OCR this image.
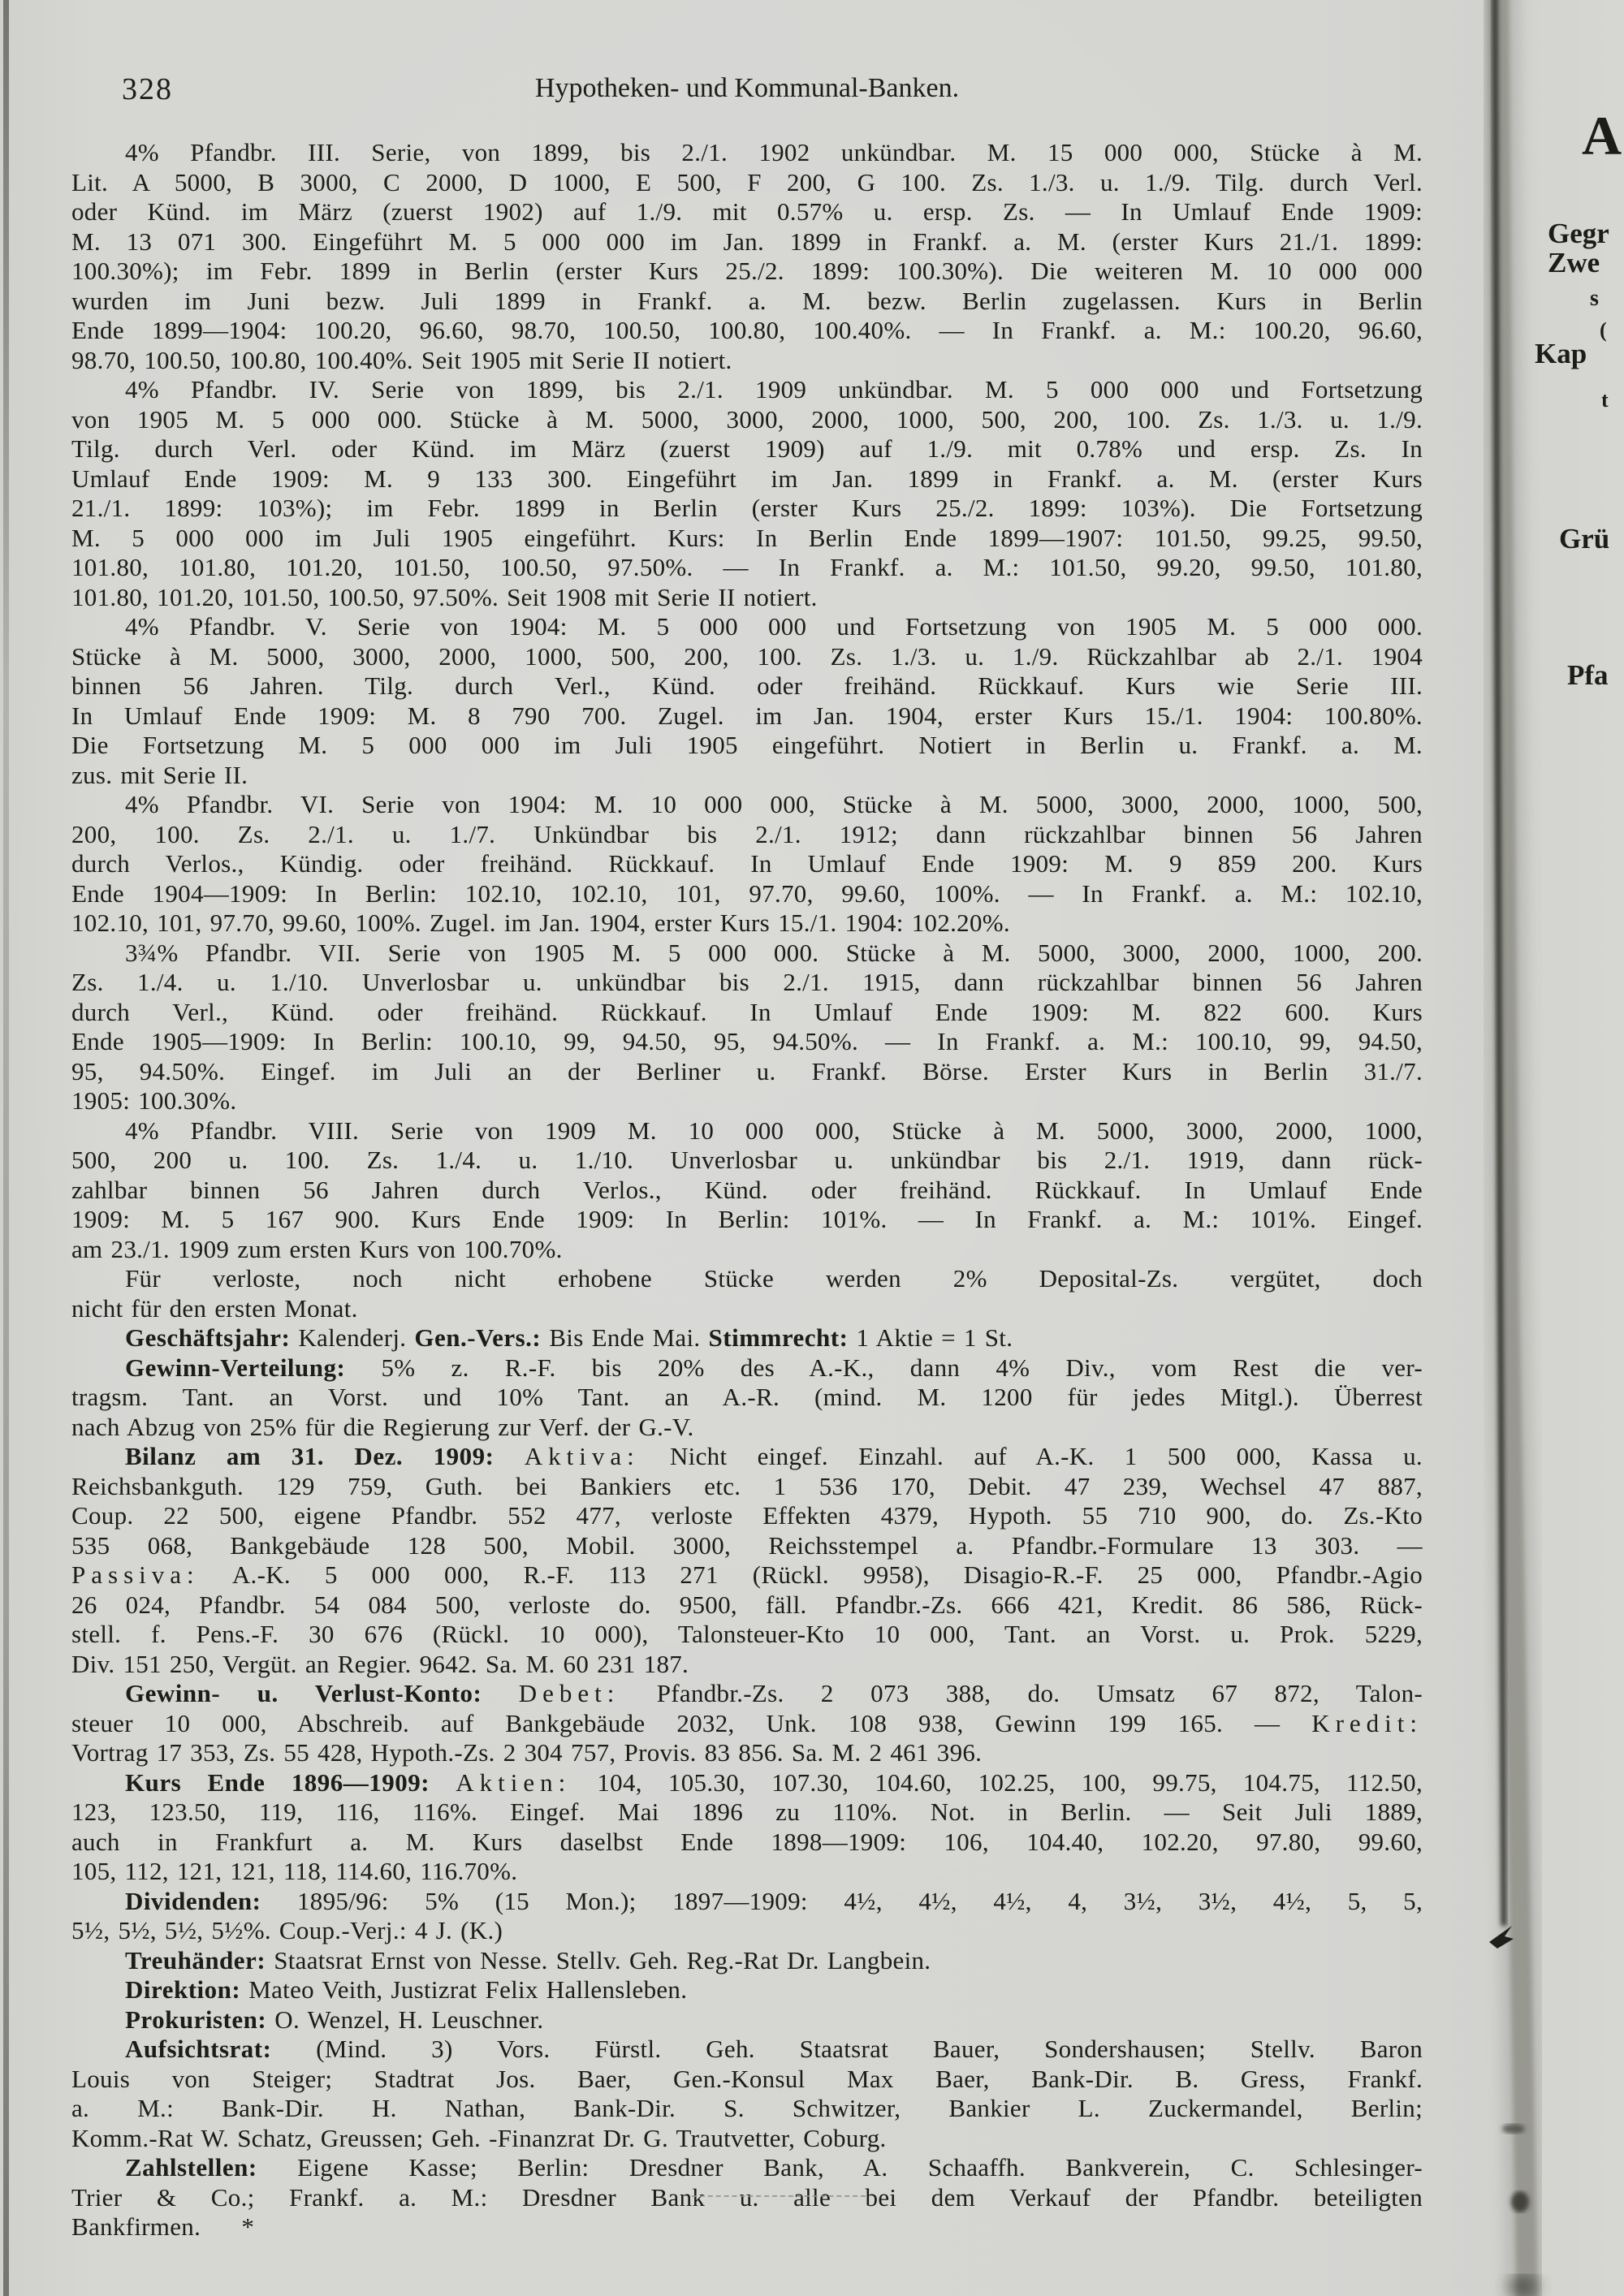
328	Hypotheken- und Kommunal-Banken.
4% Pfandbr. III. Serie, von 1899, bis 2./1. 1902 unkündbar. M. 15 000 000, Stücke à M.
Lit. A 5000, B 3000, C 2000, D 1000, E 500, F 200, G 100. Zs. 1./3. u. 1./9. Tilg. durch Verl.
oder Künd. im März (zuerst 1902) auf 1./9. mit 0.57% u. ersp. Zs. — In Umlauf Ende 1909:
M. 13 071 300. Eingeführt M. 5 000 000 im Jan. 1899 in Frankf. a. M. (erster Kurs 21./1. 1899:
100.30%); im Febr. 1899 in Berlin (erster Kurs 25./2. 1899: 100.30%). Die weiteren M. 10 000 000
wurden im Juni bezw. Juli 1899 in Frankf. a. M. bezw. Berlin zugelassen. Kurs in Berlin
Ende 1899—1904: 100.20, 96.60, 98.70, 100.50, 100.80, 100.40%. — In Frankf. a. M.: 100.20, 96.60,
98.70, 100.50, 100.80, 100.40%. Seit 1905 mit Serie II notiert.
4% Pfandbr. IV. Serie von 1899, bis 2./1. 1909 unkündbar. M. 5 000 000 und Fortsetzung
von 1905 M. 5 000 000. Stücke à M. 5000, 3000, 2000, 1000, 500, 200, 100. Zs. 1./3. u. 1./9.
Tilg. durch Verl. oder Künd. im März (zuerst 1909) auf 1./9. mit 0.78% und ersp. Zs. In
Umlauf Ende 1909: M. 9 133 300. Eingeführt im Jan. 1899 in Frankf. a. M. (erster Kurs
21./1. 1899: 103%); im Febr. 1899 in Berlin (erster Kurs 25./2. 1899: 103%). Die Fortsetzung
M. 5 000 000 im Juli 1905 eingeführt. Kurs: In Berlin Ende 1899—1907: 101.50, 99.25, 99.50,
101.80, 101.80, 101.20, 101.50, 100.50, 97.50%. — In Frankf. a. M.: 101.50, 99.20, 99.50, 101.80,
101.80, 101.20, 101.50, 100.50, 97.50%. Seit 1908 mit Serie II notiert.
4% Pfandbr. V. Serie von 1904: M. 5 000 000 und Fortsetzung von 1905 M. 5 000 000.
Stücke à M. 5000, 3000, 2000, 1000, 500, 200, 100. Zs. 1./3. u. 1./9. Rückzahlbar ab 2./1. 1904
binnen 56 Jahren. Tilg. durch Verl., Künd. oder freihänd. Rückkauf. Kurs wie Serie III.
In Umlauf Ende 1909: M. 8 790 700. Zugel. im Jan. 1904, erster Kurs 15./1. 1904: 100.80%.
Die Fortsetzung M. 5 000 000 im Juli 1905 eingeführt. Notiert in Berlin u. Frankf. a. M.
zus. mit Serie II.
4% Pfandbr. VI. Serie von 1904: M. 10 000 000, Stücke à M. 5000, 3000, 2000, 1000, 500,
200, 100. Zs. 2./1. u. 1./7. Unkündbar bis 2./1. 1912; dann rückzahlbar binnen 56 Jahren
durch Verlos., Kündig. oder freihänd. Rückkauf. In Umlauf Ende 1909: M. 9 859 200. Kurs
Ende 1904—1909: In Berlin: 102.10, 102.10, 101, 97.70, 99.60, 100%. — In Frankf. a. M.: 102.10,
102.10, 101, 97.70, 99.60, 100%. Zugel. im Jan. 1904, erster Kurs 15./1. 1904: 102.20%.
3¾% Pfandbr. VII. Serie von 1905 M. 5 000 000. Stücke à M. 5000, 3000, 2000, 1000, 200.
Zs. 1./4. u. 1./10. Unverlosbar u. unkündbar bis 2./1. 1915, dann rückzahlbar binnen 56 Jahren
durch Verl., Künd. oder freihänd. Rückkauf. In Umlauf Ende 1909: M. 822 600. Kurs
Ende 1905—1909: In Berlin: 100.10, 99, 94.50, 95, 94.50%. — In Frankf. a. M.: 100.10, 99, 94.50,
95, 94.50%. Eingef. im Juli an der Berliner u. Frankf. Börse. Erster Kurs in Berlin 31./7.
1905: 100.30%.
4% Pfandbr. VIII. Serie von 1909 M. 10 000 000, Stücke à M. 5000, 3000, 2000, 1000,
500, 200 u. 100. Zs. 1./4. u. 1./10. Unverlosbar u. unkündbar bis 2./1. 1919, dann rück-
zahlbar binnen 56 Jahren durch Verlos., Künd. oder freihänd. Rückkauf. In Umlauf Ende
1909: M. 5 167 900. Kurs Ende 1909: In Berlin: 101%. — In Frankf. a. M.: 101%. Eingef.
am 23./1. 1909 zum ersten Kurs von 100.70%.
Für verloste, noch nicht erhobene Stücke werden 2% Deposital-Zs. vergütet, doch
nicht für den ersten Monat.
Geschäftsjahr: Kalenderj. Gen.-Vers.: Bis Ende Mai. Stimmrecht: 1 Aktie = 1 St.
Gewinn-Verteilung: 5% z. R.-F. bis 20% des A.-K., dann 4% Div., vom Rest die ver-
tragsm. Tant. an Vorst. und 10% Tant. an A.-R. (mind. M. 1200 für jedes Mitgl.). Überrest
nach Abzug von 25% für die Regierung zur Verf. der G.-V.
Bilanz am 31. Dez. 1909: Aktiva: Nicht eingef. Einzahl. auf A.-K. 1 500 000, Kassa u.
Reichsbankguth. 129 759, Guth. bei Bankiers etc. 1 536 170, Debit. 47 239, Wechsel 47 887,
Coup. 22 500, eigene Pfandbr. 552 477, verloste Effekten 4379, Hypoth. 55 710 900, do. Zs.-Kto
535 068, Bankgebäude 128 500, Mobil. 3000, Reichsstempel a. Pfandbr.-Formulare 13 303. —
Passiva: A.-K. 5 000 000, R.-F. 113 271 (Rückl. 9958), Disagio-R.-F. 25 000, Pfandbr.-Agio
26 024, Pfandbr. 54 084 500, verloste do. 9500, fäll. Pfandbr.-Zs. 666 421, Kredit. 86 586, Rück-
stell. f. Pens.-F. 30 676 (Rückl. 10 000), Talonsteuer-Kto 10 000, Tant. an Vorst. u. Prok. 5229,
Div. 151 250, Vergüt. an Regier. 9642. Sa. M. 60 231 187.
Gewinn- u. Verlust-Konto: Debet: Pfandbr.-Zs. 2 073 388, do. Umsatz 67 872, Talon-
steuer 10 000, Abschreib. auf Bankgebäude 2032, Unk. 108 938, Gewinn 199 165. — Kredit:
Vortrag 17 353, Zs. 55 428, Hypoth.-Zs. 2 304 757, Provis. 83 856. Sa. M. 2 461 396.
Kurs Ende 1896—1909: Aktien: 104, 105.30, 107.30, 104.60, 102.25, 100, 99.75, 104.75, 112.50,
123, 123.50, 119, 116, 116%. Eingef. Mai 1896 zu 110%. Not. in Berlin. — Seit Juli 1889,
auch in Frankfurt a. M. Kurs daselbst Ende 1898—1909: 106, 104.40, 102.20, 97.80, 99.60,
105, 112, 121, 121, 118, 114.60, 116.70%.
Dividenden: 1895/96: 5% (15 Mon.); 1897—1909: 4½, 4½, 4½, 4, 3½, 3½, 4½, 5, 5,
5½, 5½, 5½, 5½%. Coup.-Verj.: 4 J. (K.)
Treuhänder: Staatsrat Ernst von Nesse. Stellv. Geh. Reg.-Rat Dr. Langbein.
Direktion: Mateo Veith, Justizrat Felix Hallensleben.
Prokuristen: O. Wenzel, H. Leuschner.
Aufsichtsrat: (Mind. 3) Vors. Fürstl. Geh. Staatsrat Bauer, Sondershausen; Stellv. Baron
Louis von Steiger; Stadtrat Jos. Baer, Gen.-Konsul Max Baer, Bank-Dir. B. Gress, Frankf.
a. M.: Bank-Dir. H. Nathan, Bank-Dir. S. Schwitzer, Bankier L. Zuckermandel, Berlin;
Komm.-Rat W. Schatz, Greussen; Geh. -Finanzrat Dr. G. Trautvetter, Coburg.
Zahlstellen: Eigene Kasse; Berlin: Dresdner Bank, A. Schaaffh. Bankverein, C. Schlesinger-
Trier & Co.; Frankf. a. M.: Dresdner Bank u. alle bei dem Verkauf der Pfandbr. beteiligten
Bankfirmen.     *
A
Gegr
Zwe
s
(
Kap
t
Grü
Pfa
